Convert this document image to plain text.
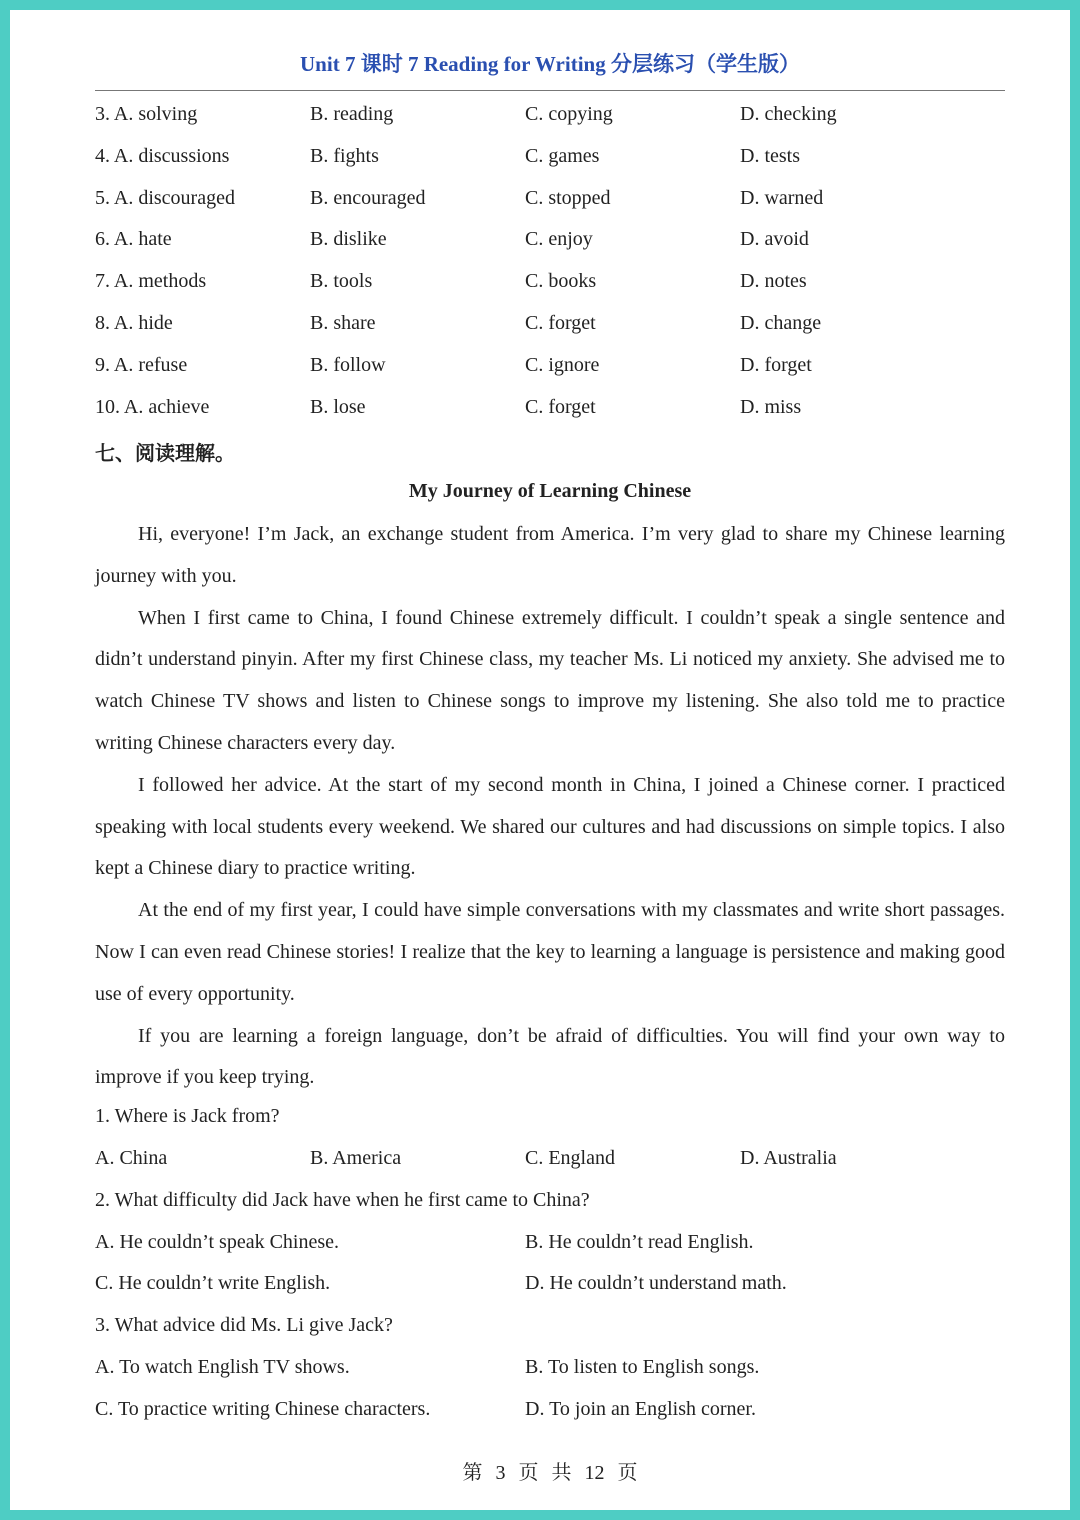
Unit 7 课时 7 Reading for Writing 分层练习（学生版）
3. A. solving	B. reading	C. copying	D. checking
4. A. discussions	B. fights	C. games	D. tests
5. A. discouraged	B. encouraged	C. stopped	D. warned
6. A. hate	B. dislike	C. enjoy	D. avoid
7. A. methods	B. tools	C. books	D. notes
8. A. hide	B. share	C. forget	D. change
9. A. refuse	B. follow	C. ignore	D. forget
10. A. achieve	B. lose	C. forget	D. miss
七、阅读理解。
My Journey of Learning Chinese

Hi, everyone! I’m Jack, an exchange student from America. I’m very glad to share my Chinese learning journey with you.

When I first came to China, I found Chinese extremely difficult. I couldn’t speak a single sentence and didn’t understand pinyin. After my first Chinese class, my teacher Ms. Li noticed my anxiety. She advised me to watch Chinese TV shows and listen to Chinese songs to improve my listening. She also told me to practice writing Chinese characters every day.

I followed her advice. At the start of my second month in China, I joined a Chinese corner. I practiced speaking with local students every weekend. We shared our cultures and had discussions on simple topics. I also kept a Chinese diary to practice writing.

At the end of my first year, I could have simple conversations with my classmates and write short passages. Now I can even read Chinese stories! I realize that the key to learning a language is persistence and making good use of every opportunity.

If you are learning a foreign language, don’t be afraid of difficulties. You will find your own way to improve if you keep trying.

1. Where is Jack from?
A. China	B. America	C. England	D. Australia
2. What difficulty did Jack have when he first came to China?
A. He couldn’t speak Chinese.	B. He couldn’t read English.
C. He couldn’t write English.	D. He couldn’t understand math.
3. What advice did Ms. Li give Jack?
A. To watch English TV shows.	B. To listen to English songs.
C. To practice writing Chinese characters.	D. To join an English corner.
第 3 页 共 12 页
